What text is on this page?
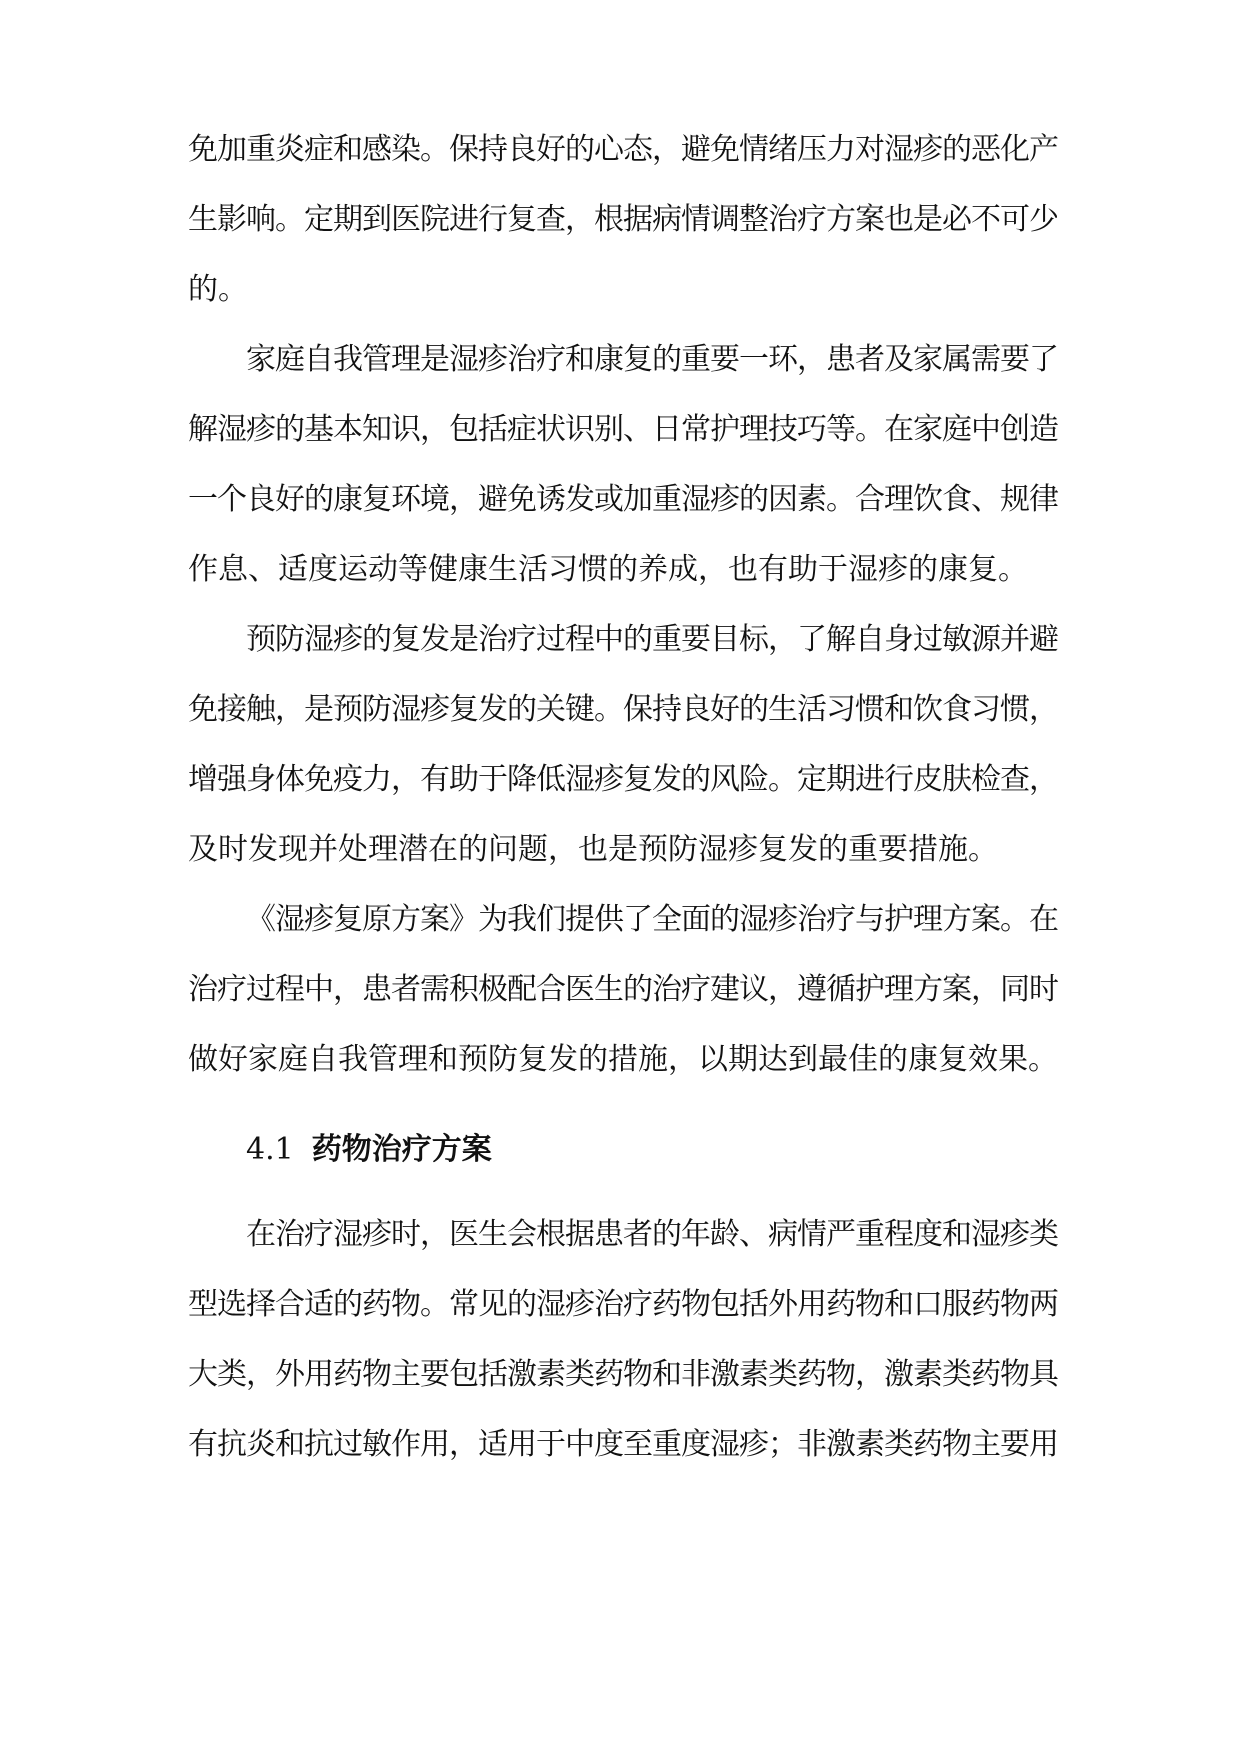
免加重炎症和感染。保持良好的心态，避免情绪压力对湿疹的恶化产
生影响。定期到医院进行复查，根据病情调整治疗方案也是必不可少
的。
家庭自我管理是湿疹治疗和康复的重要一环，患者及家属需要了
解湿疹的基本知识，包括症状识别、日常护理技巧等。在家庭中创造
一个良好的康复环境，避免诱发或加重湿疹的因素。合理饮食、规律
作息、适度运动等健康生活习惯的养成，也有助于湿疹的康复。
预防湿疹的复发是治疗过程中的重要目标，了解自身过敏源并避
免接触，是预防湿疹复发的关键。保持良好的生活习惯和饮食习惯，
增强身体免疫力，有助于降低湿疹复发的风险。定期进行皮肤检查，
及时发现并处理潜在的问题，也是预防湿疹复发的重要措施。
《湿疹复原方案》为我们提供了全面的湿疹治疗与护理方案。在
治疗过程中，患者需积极配合医生的治疗建议，遵循护理方案，同时
做好家庭自我管理和预防复发的措施，以期达到最佳的康复效果。
4.1 药物治疗方案
在治疗湿疹时，医生会根据患者的年龄、病情严重程度和湿疹类
型选择合适的药物。常见的湿疹治疗药物包括外用药物和口服药物两
大类，外用药物主要包括激素类药物和非激素类药物，激素类药物具
有抗炎和抗过敏作用，适用于中度至重度湿疹；非激素类药物主要用
